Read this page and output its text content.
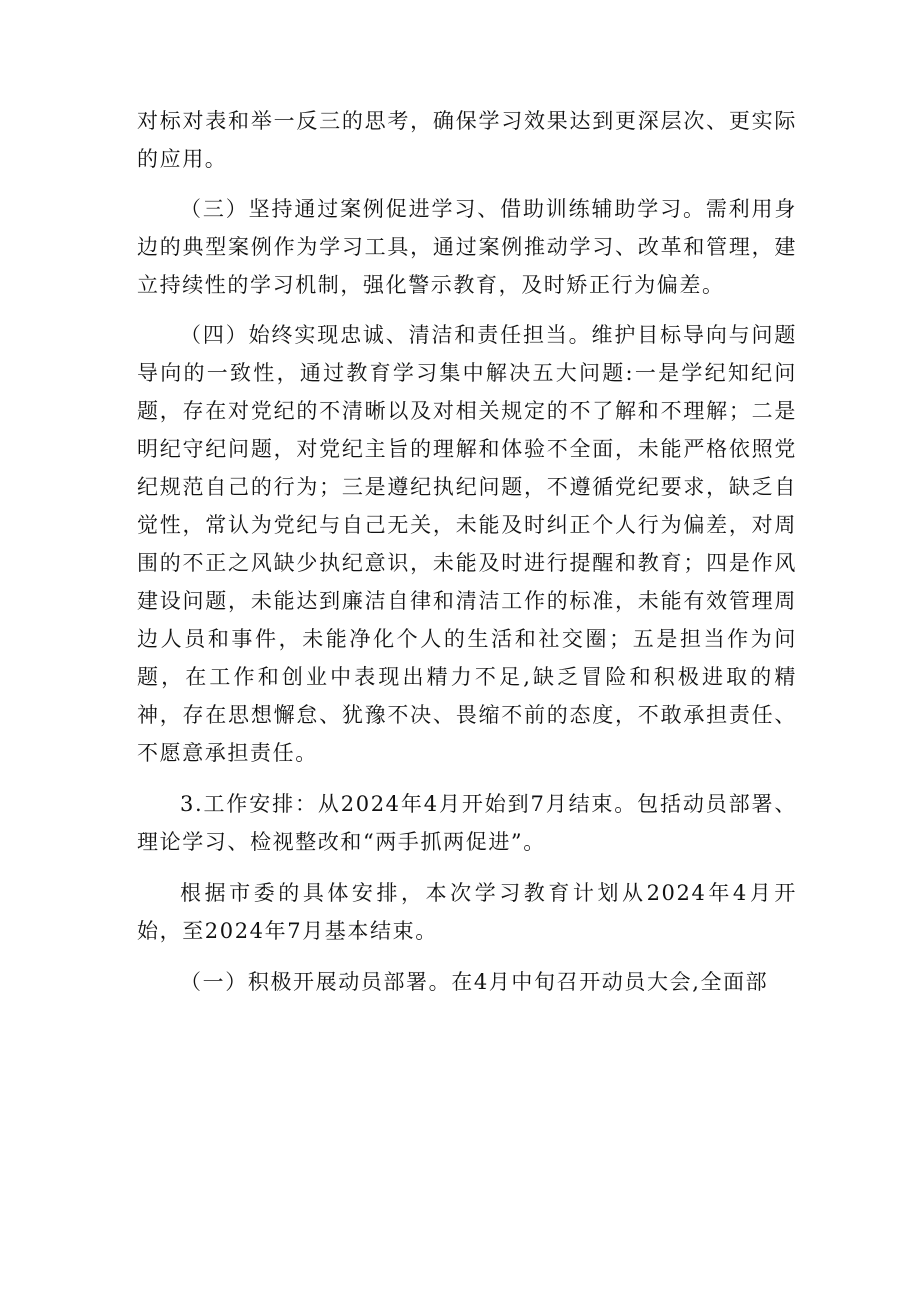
对标对表和举一反三的思考，确保学习效果达到更深层次、更实际的应用。

（三）坚持通过案例促进学习、借助训练辅助学习。需利用身边的典型案例作为学习工具，通过案例推动学习、改革和管理，建立持续性的学习机制，强化警示教育，及时矫正行为偏差。

（四）始终实现忠诚、清洁和责任担当。维护目标导向与问题导向的一致性，通过教育学习集中解决五大问题:一是学纪知纪问题，存在对党纪的不清晰以及对相关规定的不了解和不理解；二是明纪守纪问题，对党纪主旨的理解和体验不全面，未能严格依照党纪规范自己的行为；三是遵纪执纪问题，不遵循党纪要求，缺乏自觉性，常认为党纪与自己无关，未能及时纠正个人行为偏差，对周围的不正之风缺少执纪意识，未能及时进行提醒和教育；四是作风建设问题，未能达到廉洁自律和清洁工作的标准，未能有效管理周边人员和事件，未能净化个人的生活和社交圈；五是担当作为问题，在工作和创业中表现出精力不足,缺乏冒险和积极进取的精神，存在思想懈怠、犹豫不决、畏缩不前的态度，不敢承担责任、不愿意承担责任。

3.工作安排：从2024年4月开始到7月结束。包括动员部署、理论学习、检视整改和“两手抓两促进”。

根据市委的具体安排，本次学习教育计划从2024年4月开始，至2024年7月基本结束。

（一）积极开展动员部署。在4月中旬召开动员大会,全面部
